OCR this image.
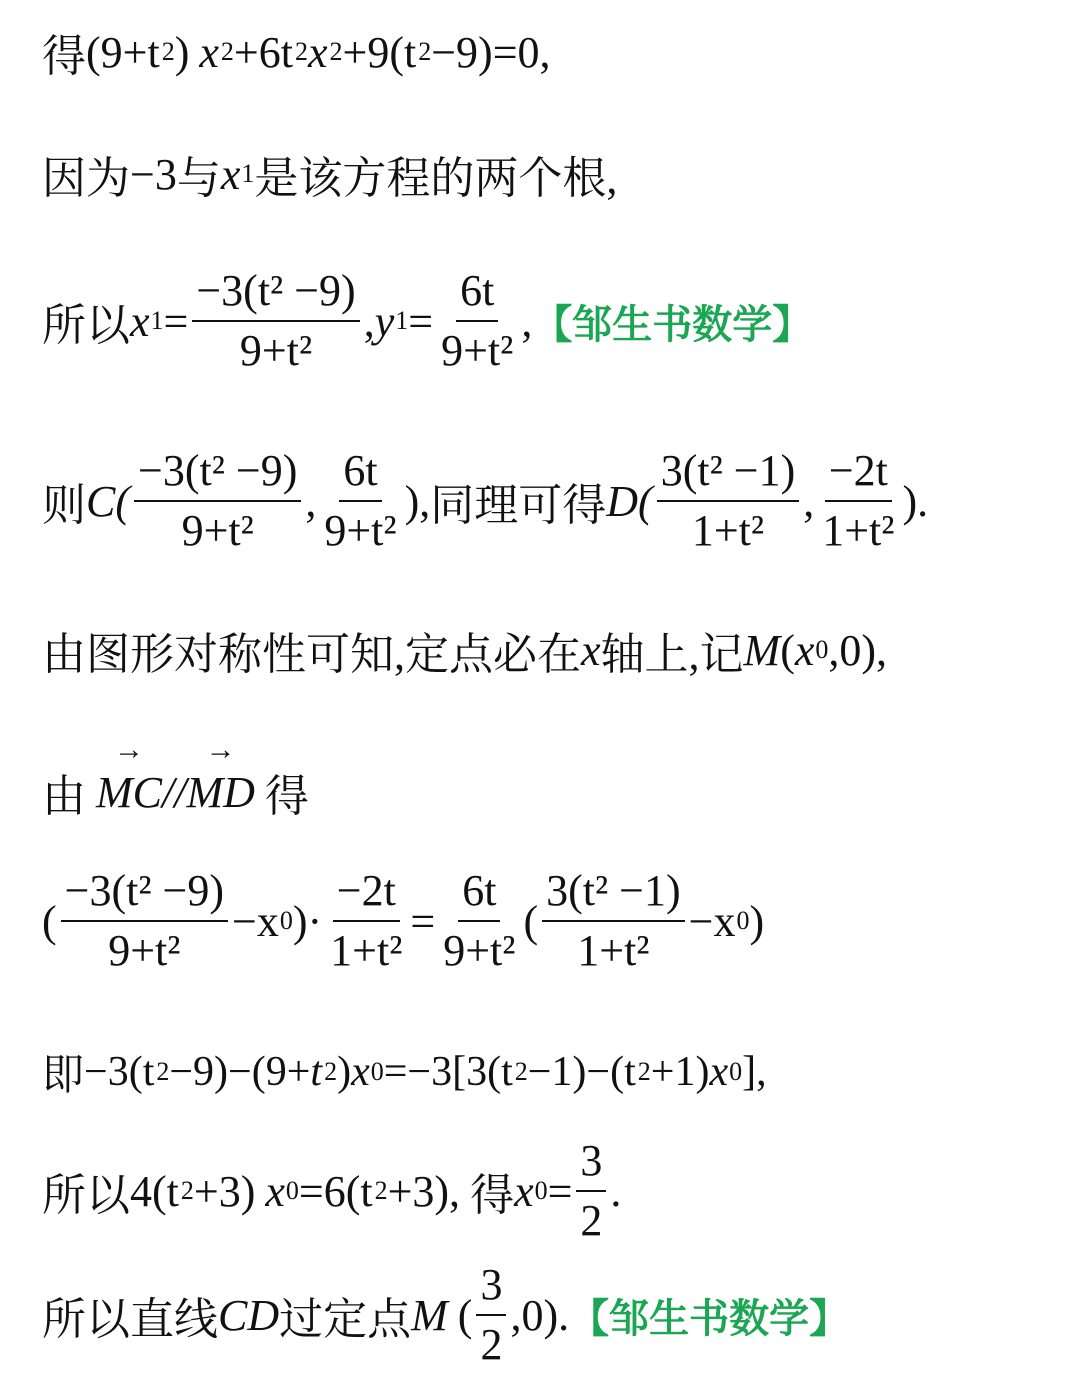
得 ( 9 + t 2 ) x 2 + 6t 2 x 2 + 9 (t 2 −9 ) = 0,
因为 −3 与 x 1 是该方程的两个根,
所以 x $1 = \frac{\text{−3(t² −9)}}{\text{9+t²}}$ , y $1 = \frac{6t}{\text{9+t²}}$ , 【邹生书数学】
则 $C( \frac{\text{−3(t² −9)}}{\text{9+t²}}$ , $\frac{6t}{\text{9+t²}}$ ), 同理可得 $D( \frac{\text{3(t² −1)}}{\text{1+t²}}$ , $\frac{-2t}{\text{1+t²}}$ ).
由图形对称性可知,定点必在 x 轴上,记 M ( x 0 ,0),
由
→
MC //
→
MD 得
( $\frac{\text{−3(t² −9)}}{\text{9+t²}} -x$ 0 )· $\frac{-2t}{\text{1+t²}} = \frac{6t}{\text{9+t²}}$ ( $\frac{\text{3(t² −1)}}{\text{1+t²}} -x$ 0 )
即 −3(t 2 −9)−(9+ t 2 ) x 0 =−3[3(t 2 −1)−(t 2 +1) x 0 ],
所以 4(t 2 +3) x 0 =6(t 2 +3), 得 x $0 = \frac{3}{2}$ .
所以直线 CD 过定点 M ( $\frac{3}{2} ,0$). 【邹生书数学】
